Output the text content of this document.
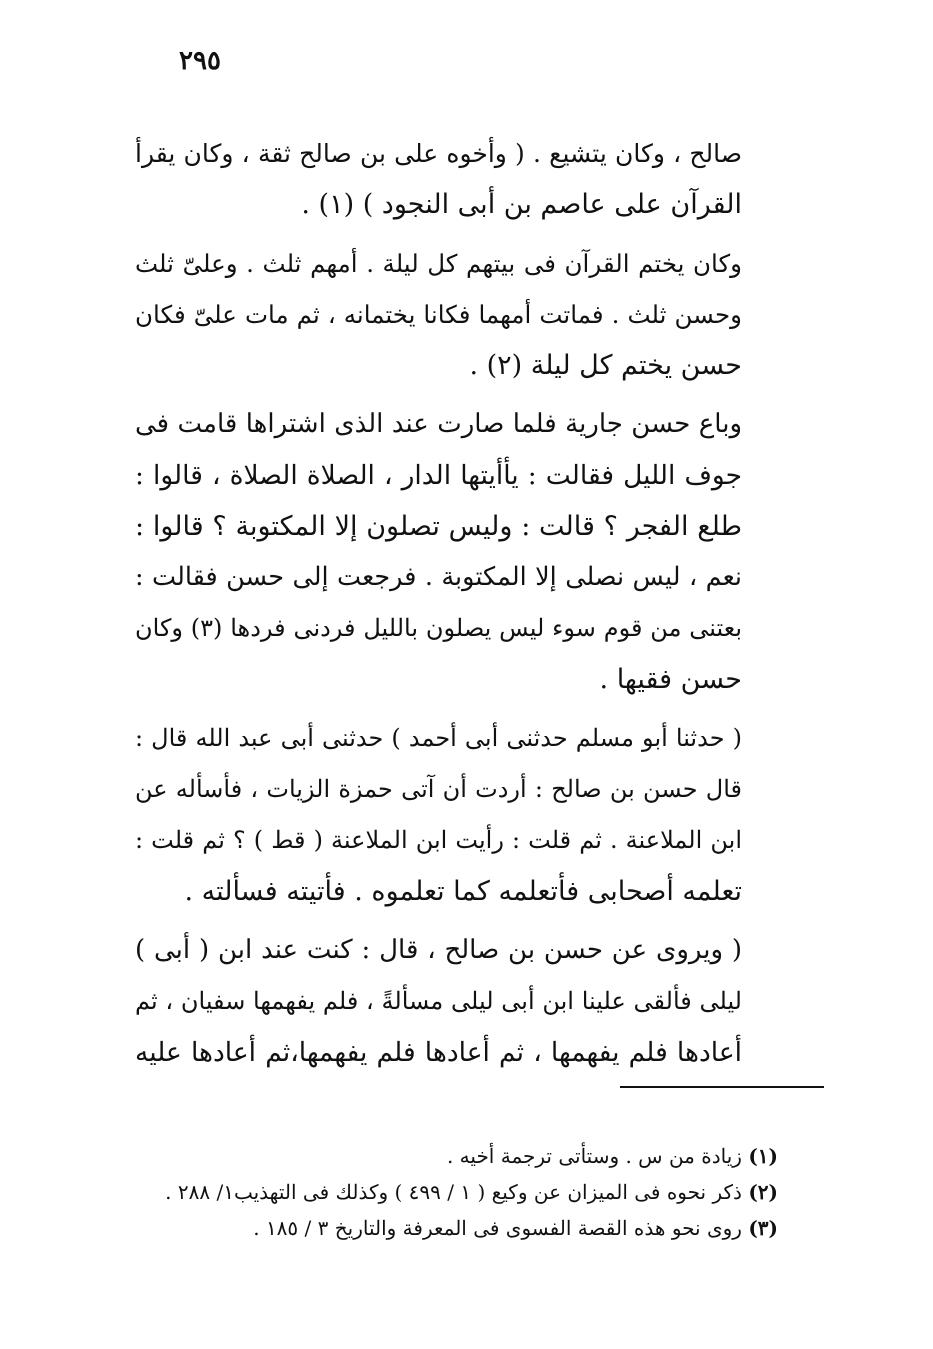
٢٩٥
صالح ، وكان يتشيع . ( وأخوه على بن صالح ثقة ، وكان يقرأ
القرآن على عاصم بن أبى النجود ) (١) .
وكان يختم القرآن فى بيتهم كل ليلة . أمهم ثلث . وعلىّ ثلث
وحسن ثلث . فماتت أمهما فكانا يختمانه ، ثم مات علىّ فكان
حسن يختم كل ليلة (٢) .
وباع حسن جارية فلما صارت عند الذى اشتراها قامت فى
جوف الليل فقالت : يأأيتها الدار ، الصلاة الصلاة ، قالوا :
طلع الفجر ؟ قالت : وليس تصلون إلا المكتوبة ؟ قالوا :
نعم ، ليس نصلى إلا المكتوبة . فرجعت إلى حسن فقالت :
بعتنى من قوم سوء ليس يصلون بالليل فردنى فردها (٣) وكان
حسن فقيها .
( حدثنا أبو مسلم حدثنى أبى أحمد ) حدثنى أبى عبد الله قال :
قال حسن بن صالح : أردت أن آتى حمزة الزيات ، فأسأله عن
ابن الملاعنة . ثم قلت : رأيت ابن الملاعنة ( قط ) ؟ ثم قلت :
تعلمه أصحابى فأتعلمه كما تعلموه . فأتيته فسألته .
( ويروى عن حسن بن صالح ، قال : كنت عند ابن ( أبى )
ليلى فألقى علينا ابن أبى ليلى مسألةً ، فلم يفهمها سفيان ، ثم
أعادها فلم يفهمها ، ثم أعادها فلم يفهمها،ثم أعادها عليه
(١) زيادة من س . وستأتى ترجمة أخيه .
(٢) ذكر نحوه فى الميزان عن وكيع ( ١ / ٤٩٩ ) وكذلك فى التهذيب١/ ٢٨٨ .
(٣) روى نحو هذه القصة الفسوى فى المعرفة والتاريخ ٣ / ١٨٥ .
